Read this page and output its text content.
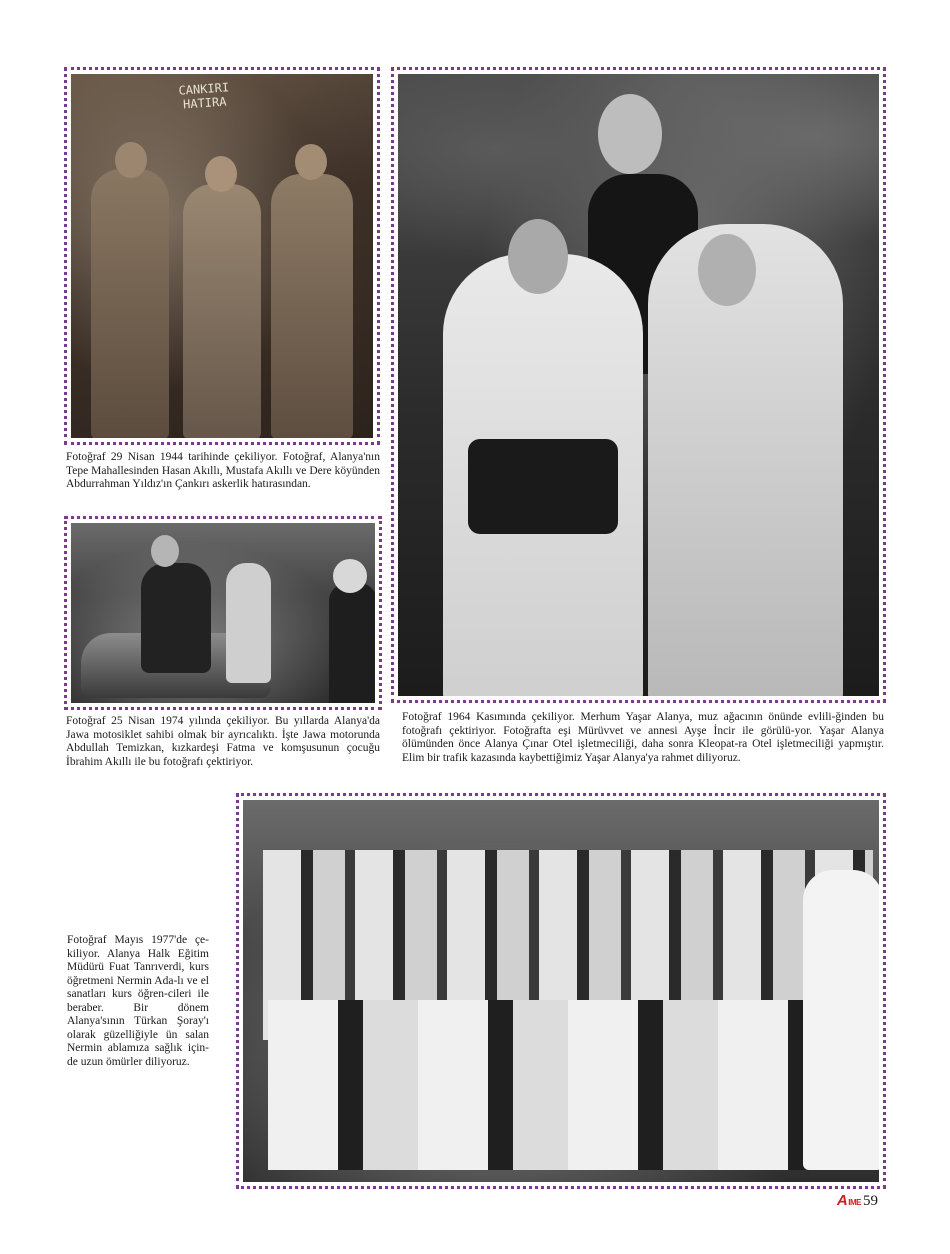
CANKIRI
HATIRA

Fotoğraf 29 Nisan 1944 tarihinde çekiliyor. Fotoğraf, Alanya'nın Tepe Mahallesinden Hasan Akıllı, Mustafa Akıllı ve Dere köyünden Abdurrahman Yıldız'ın Çankırı askerlik hatırasından.

Fotoğraf 25 Nisan 1974 yılında çekiliyor. Bu yıllarda Alanya'da Jawa motosiklet sahibi olmak bir ayrıcalıktı. İşte Jawa motorunda Abdullah Temizkan, kızkardeşi Fatma ve komşusunun çocuğu İbrahim Akıllı ile bu fotoğrafı çektiriyor.

Fotoğraf 1964 Kasımında çekiliyor. Merhum Yaşar Alanya, muz ağacının önünde evlili-ğinden bu fotoğrafı çektiriyor. Fotoğrafta eşi Mürüvvet ve annesi Ayşe İncir ile görülü-yor. Yaşar Alanya ölümünden önce Alanya Çınar Otel işletmeciliği, daha sonra Kleopat-ra Otel işletmeciliği yapmıştır. Elim bir trafik kazasında kaybettiğimiz Yaşar Alanya'ya rahmet diliyoruz.

Fotoğraf Mayıs 1977'de çe-kiliyor. Alanya Halk Eğitim Müdürü Fuat Tanrıverdi, kurs öğretmeni Nermin Ada-lı ve el sanatları kurs öğren-cileri ile beraber. Bir dönem Alanya'sının Türkan Şoray'ı olarak güzelliğiyle ün salan Nermin ablamıza sağlık için-de uzun ömürler diliyoruz.

AIME 59
